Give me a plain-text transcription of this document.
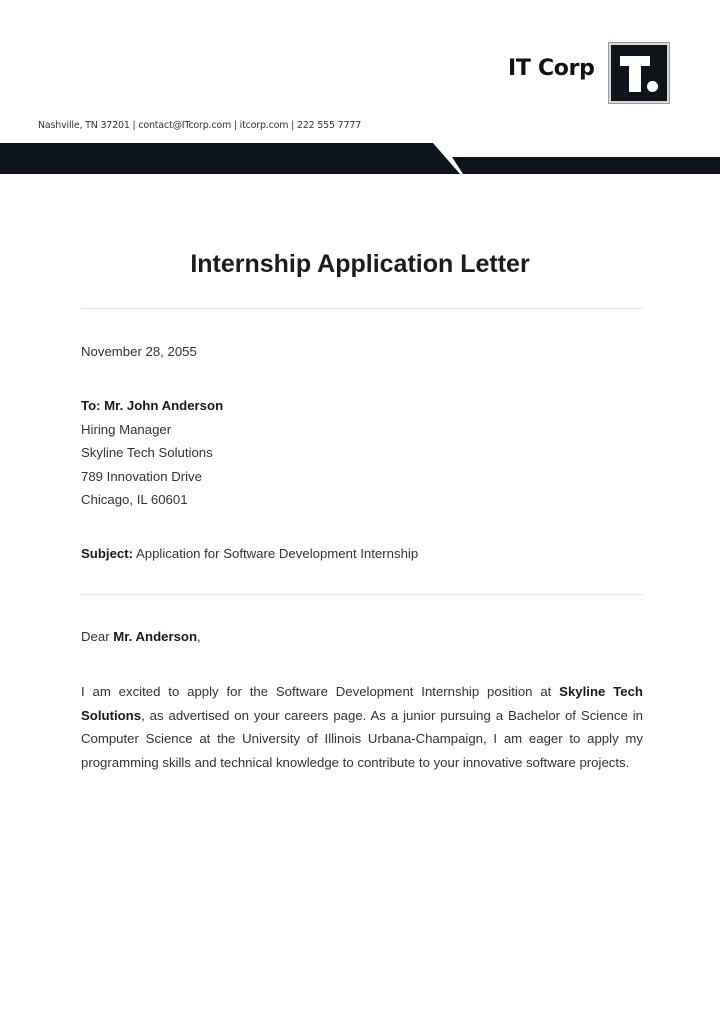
IT Corp
Nashville, TN 37201 | contact@ITcorp.com | itcorp.com | 222 555 7777
Internship Application Letter
November 28, 2055
To: Mr. John Anderson
Hiring Manager
Skyline Tech Solutions
789 Innovation Drive
Chicago, IL 60601
Subject: Application for Software Development Internship
Dear Mr. Anderson,
I am excited to apply for the Software Development Internship position at Skyline Tech Solutions, as advertised on your careers page. As a junior pursuing a Bachelor of Science in Computer Science at the University of Illinois Urbana-Champaign, I am eager to apply my programming skills and technical knowledge to contribute to your innovative software projects.
